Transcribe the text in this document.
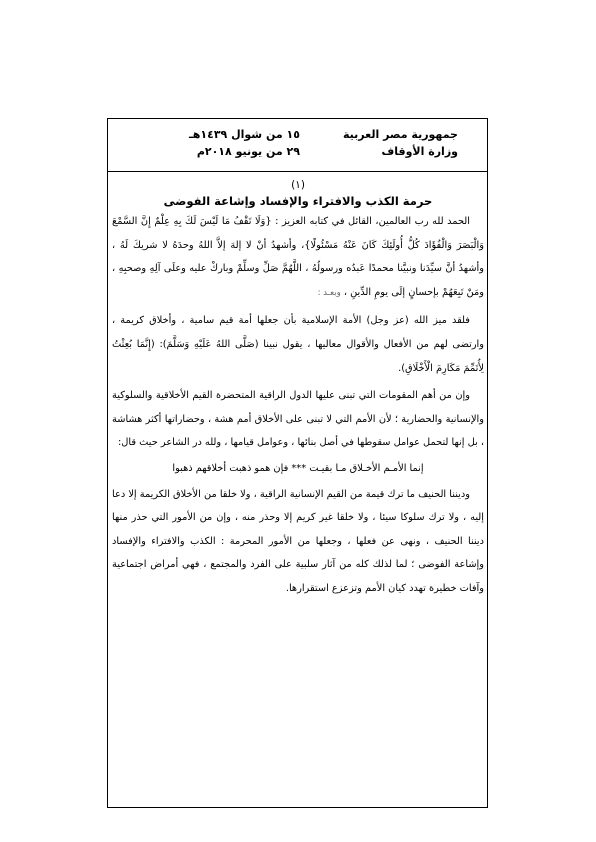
جمهورية مصر العربية
وزارة الأوقاف
١٥ من شوال ١٤٣٩هـ
٢٩ من يونيو ٢٠١٨م
(١)
حرمة الكذب والافتراء والإفساد وإشاعة الفوضى

الحمد لله رب العالمين، القائل في كتابه العزيز : {وَلَا تَقْفُ مَا لَيْسَ لَكَ بِهِ عِلْمٌ إِنَّ السَّمْعَ وَالْبَصَرَ وَالْفُؤَادَ كُلُّ أُولَئِكَ كَانَ عَنْهُ مَسْئُولًا}، وأشهدُ أنْ لا إلهَ إلاَّ اللهُ وحدَهُ لا شريكَ لَهُ ، وأشهدُ أنَّ سيِّدَنا ونبيَّنا محمدًا عَبدُه ورسولُهُ ، اللَّهُمَّ صَلِّ وسلِّمْ وباركْ عليه وعلَى آلِهِ وصحبِهِ ، ومَنْ تَبِعَهُمْ بإحسانٍ إلَى يومِ الدِّينِ ، وبعـد :

فلقد ميز الله (عز وجل) الأمة الإسلامية بأن جعلها أمة قيم سامية ، وأخلاق كريمة ، وارتضى لهم من الأفعال والأقوال معاليها ، يقول نبينا (صَلَّى اللهُ عَلَيْهِ وَسَلَّمَ): (إِنَّمَا بُعِثْتُ لِأُتَمِّمَ مَكَارِمَ الْأَخْلَاقِ).

وإن من أهم المقومات التي تبنى عليها الدول الراقية المتحضرة القيم الأخلاقية والسلوكية والإنسانية والحضارية ؛ لأن الأمم التي لا تبنى على الأخلاق أمم هشة ، وحضاراتها أكثر هشاشة ، بل إنها لتحمل عوامل سقوطها في أصل بنائها ، وعوامل قيامها ، ولله در الشاعر حيث قال:

إنما الأمـم الأخـلاق مـا بقيـت *** فإن همو ذهبت أخلاقهم ذهبوا

وديننا الحنيف ما ترك قيمة من القيم الإنسانية الراقية ، ولا خلقا من الأخلاق الكريمة إلا دعا إليه ، ولا ترك سلوكا سيئا ، ولا خلقا غير كريم إلا وحذر منه ، وإن من الأمور التي حذر منها ديننا الحنيف ، ونهى عن فعلها ، وجعلها من الأمور المحرمة : الكذب والافتراء والإفساد وإشاعة الفوضى ؛ لما لذلك كله من آثار سلبية على الفرد والمجتمع ، فهي أمراض اجتماعية وآفات خطيرة تهدد كيان الأمم وتزعزع استقرارها.
